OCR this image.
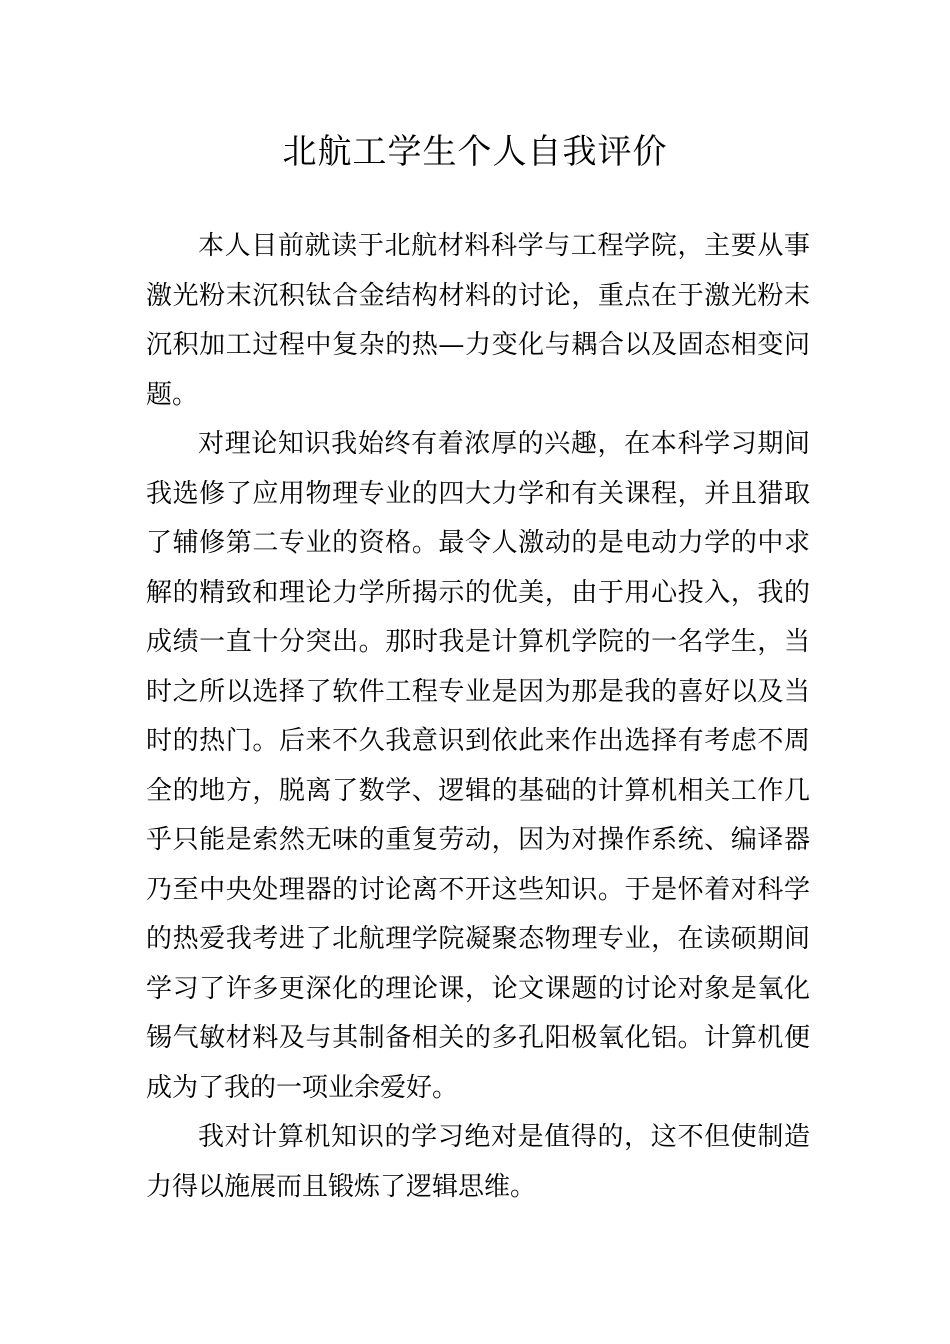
北航工学生个人自我评价

本人目前就读于北航材料科学与工程学院，主要从事激光粉末沉积钛合金结构材料的讨论，重点在于激光粉末沉积加工过程中复杂的热—力变化与耦合以及固态相变问题。

对理论知识我始终有着浓厚的兴趣，在本科学习期间我选修了应用物理专业的四大力学和有关课程，并且猎取了辅修第二专业的资格。最令人激动的是电动力学的中求解的精致和理论力学所揭示的优美，由于用心投入，我的成绩一直十分突出。那时我是计算机学院的一名学生，当时之所以选择了软件工程专业是因为那是我的喜好以及当时的热门。后来不久我意识到依此来作出选择有考虑不周全的地方，脱离了数学、逻辑的基础的计算机相关工作几乎只能是索然无味的重复劳动，因为对操作系统、编译器乃至中央处理器的讨论离不开这些知识。于是怀着对科学的热爱我考进了北航理学院凝聚态物理专业，在读硕期间学习了许多更深化的理论课，论文课题的讨论对象是氧化锡气敏材料及与其制备相关的多孔阳极氧化铝。计算机便成为了我的一项业余爱好。

我对计算机知识的学习绝对是值得的，这不但使制造力得以施展而且锻炼了逻辑思维。
